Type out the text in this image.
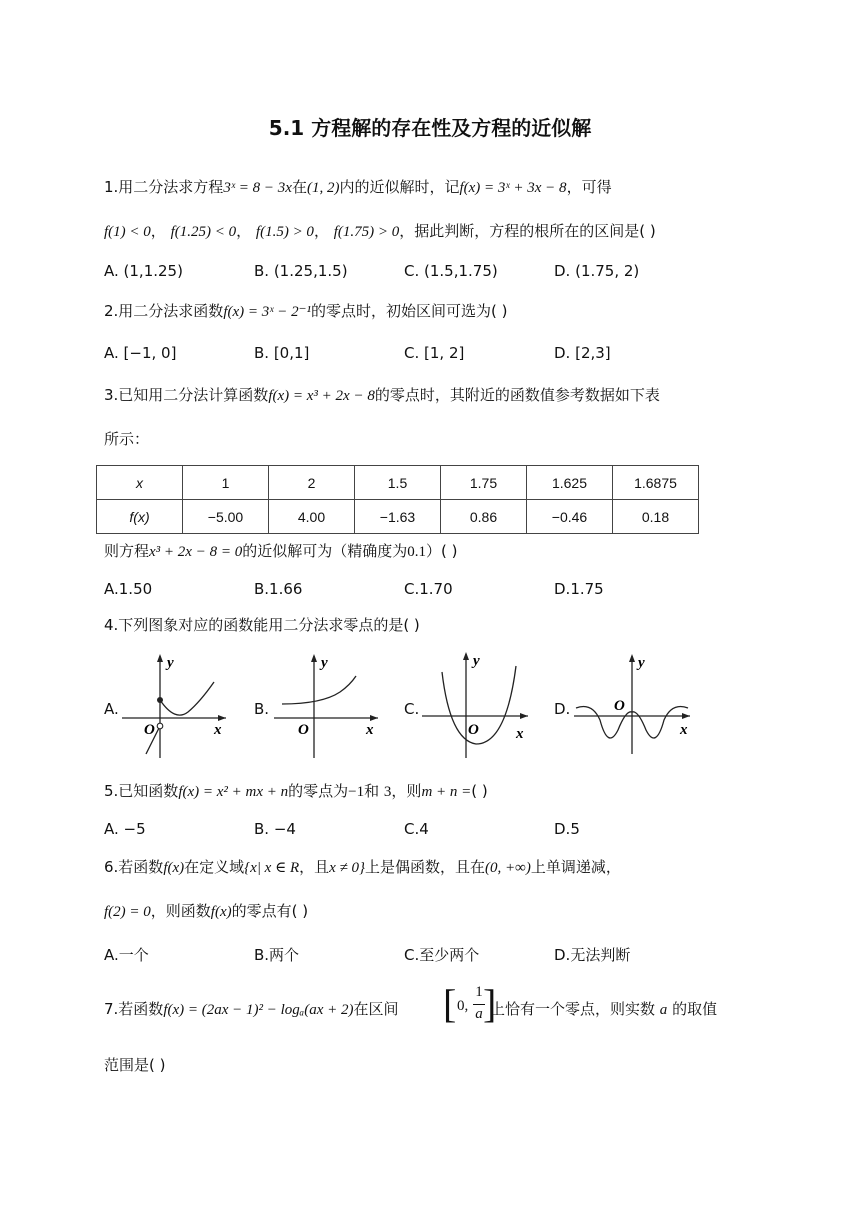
5.1 方程解的存在性及方程的近似解
1.用二分法求方程3ˣ = 8 − 3x在(1, 2)内的近似解时，记f(x) = 3ˣ + 3x − 8，可得
f(1) < 0， f(1.25) < 0， f(1.5) > 0， f(1.75) > 0，据此判断，方程的根所在的区间是( )
A. (1,1.25)	B. (1.25,1.5)	C. (1.5,1.75)	D. (1.75, 2)
2.用二分法求函数f(x) = 3ˣ − 2⁻¹的零点时，初始区间可选为( )
A. [−1, 0]	B. [0,1]	C. [1, 2]	D. [2,3]
3.已知用二分法计算函数f(x) = x³ + 2x − 8的零点时，其附近的函数值参考数据如下表
所示：
x	1	2	1.5	1.75	1.625	1.6875
f(x)	−5.00	4.00	−1.63	0.86	−0.46	0.18
则方程x³ + 2x − 8 = 0的近似解可为（精确度为0.1）( )
A.1.50	B.1.66	C.1.70	D.1.75
4.下列图象对应的函数能用二分法求零点的是( )
A.	B.	C.	D.
y
x
O
y
x
O
y
x
O
y
x
O
5.已知函数f(x) = x² + mx + n的零点为−1和 3，则m + n =( )
A. −5	B. −4	C.4	D.5
6.若函数f(x)在定义域{x| x ∈ R，且x ≠ 0}上是偶函数，且在(0, +∞)上单调递减，
f(2) = 0，则函数f(x)的零点有( )
A.一个	B.两个	C.至少两个	D.无法判断
7.若函数f(x) = (2ax − 1)² − logₐ(ax + 2)在区间 [ 0,
1
a ]
上恰有一个零点，则实数 a 的取值
范围是( )
